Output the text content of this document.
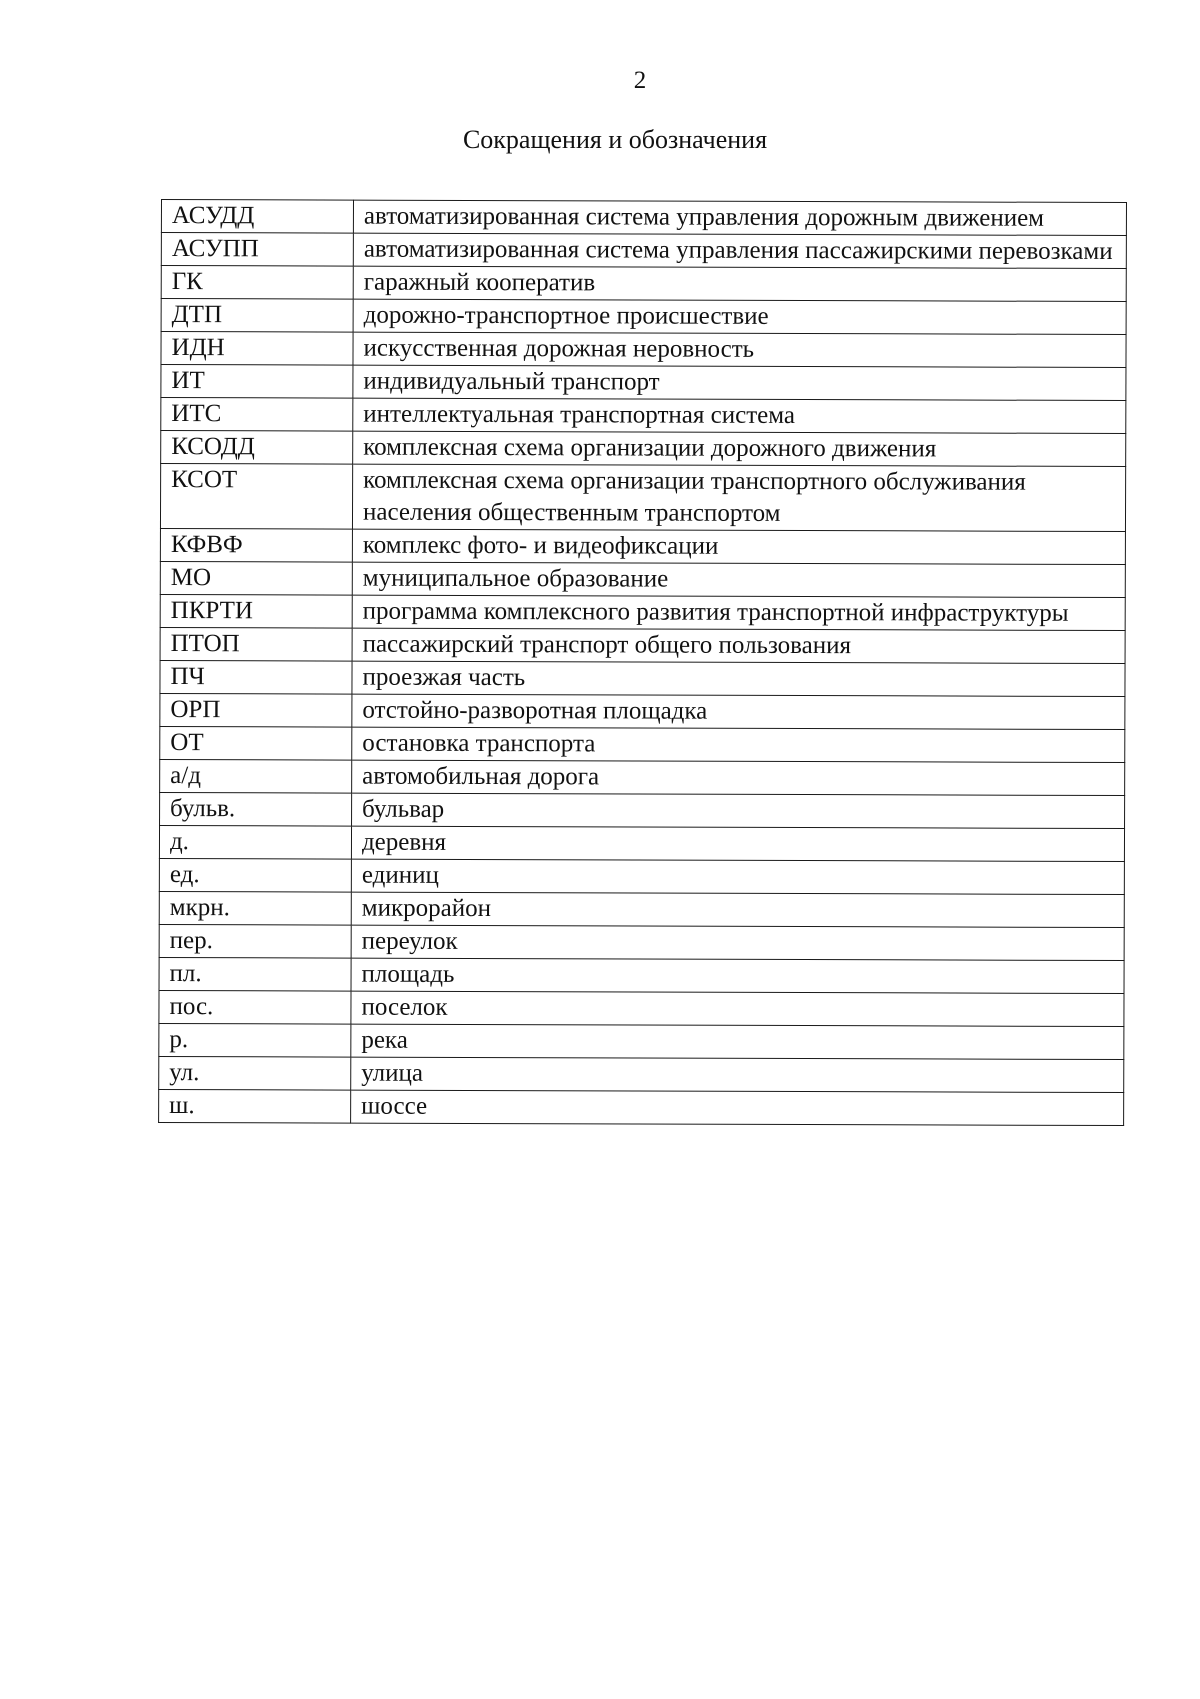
2
Сокращения и обозначения
АСУДД	автоматизированная система управления дорожным движением
АСУПП	автоматизированная система управления пассажирскими перевозками
ГК	гаражный кооператив
ДТП	дорожно-транспортное происшествие
ИДН	искусственная дорожная неровность
ИТ	индивидуальный транспорт
ИТС	интеллектуальная транспортная система
КСОДД	комплексная схема организации дорожного движения
КСОТ	комплексная схема организации транспортного обслуживания населения общественным транспортом
КФВФ	комплекс фото- и видеофиксации
МО	муниципальное образование
ПКРТИ	программа комплексного развития транспортной инфраструктуры
ПТОП	пассажирский транспорт общего пользования
ПЧ	проезжая часть
ОРП	отстойно-разворотная площадка
ОТ	остановка транспорта
а/д	автомобильная дорога
бульв.	бульвар
д.	деревня
ед.	единиц
мкрн.	микрорайон
пер.	переулок
пл.	площадь
пос.	поселок
р.	река
ул.	улица
ш.	шоссе
